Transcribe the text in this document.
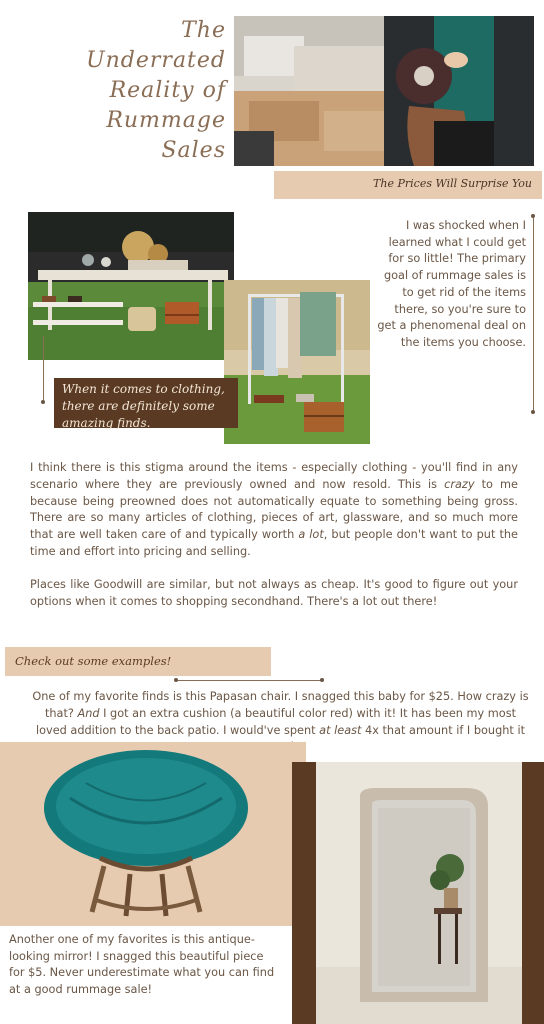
The
Underrated
Reality of
Rummage
Sales
The Prices Will Surprise You
When it comes to clothing, there are definitely some amazing finds.
I was shocked when I learned what I could get for so little! The primary goal of rummage sales is to get rid of the items there, so you're sure to get a phenomenal deal on the items you choose.

I think there is this stigma around the items - especially clothing - you'll find in any scenario where they are previously owned and now resold. This is crazy to me because being preowned does not automatically equate to something being gross. There are so many articles of clothing, pieces of art, glassware, and so much more that are well taken care of and typically worth a lot, but people don't want to put the time and effort into pricing and selling.

Places like Goodwill are similar, but not always as cheap. It's good to figure out your options when it comes to shopping secondhand. There's a lot out there!

Check out some examples!
One of my favorite finds is this Papasan chair. I snagged this baby for $25. How crazy is that? And I got an extra cushion (a beautiful color red) with it! It has been my most loved addition to the back patio. I would've spent at least 4x that amount if I bought it
Another one of my favorites is this antique-looking mirror! I snagged this beautiful piece for $5. Never underestimate what you can find at a good rummage sale!
